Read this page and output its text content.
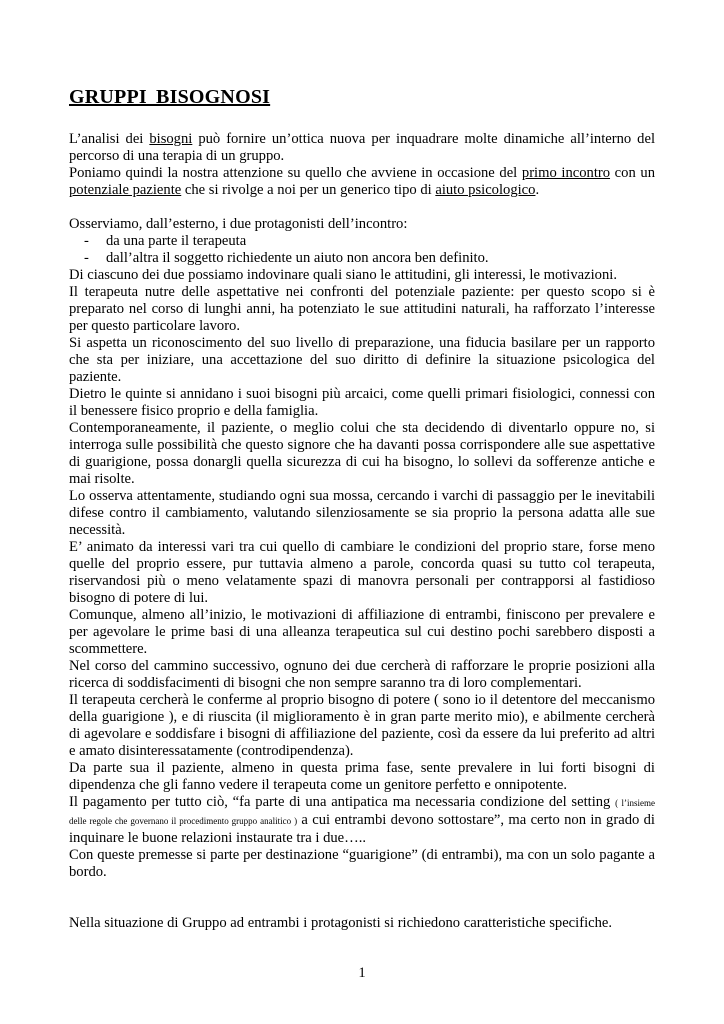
GRUPPI BISOGNOSI

L’analisi dei bisogni può fornire un’ottica nuova per inquadrare molte dinamiche all’interno del percorso di una terapia di un gruppo.

Poniamo quindi la nostra attenzione su quello che avviene in occasione del primo incontro con un potenziale paziente che si rivolge a noi per un generico tipo di aiuto psicologico.

Osserviamo, dall’esterno, i due protagonisti dell’incontro:

-	da una parte il terapeuta
-	dall’altra il soggetto richiedente un aiuto non ancora ben definito.

Di ciascuno dei due possiamo indovinare quali siano le attitudini, gli interessi, le motivazioni.

Il terapeuta nutre delle aspettative nei confronti del potenziale paziente: per questo scopo si è preparato nel corso di lunghi anni, ha potenziato le sue attitudini naturali, ha rafforzato l’interesse per questo particolare lavoro.

Si aspetta un riconoscimento del suo livello di preparazione, una fiducia basilare per un rapporto che sta per iniziare, una accettazione del suo diritto di definire la situazione psicologica del paziente.

Dietro le quinte si annidano i suoi bisogni più arcaici, come quelli primari fisiologici, connessi con il benessere fisico proprio e della famiglia.

Contemporaneamente, il paziente, o meglio colui che sta decidendo di diventarlo oppure no, si interroga sulle possibilità che questo signore che ha davanti possa corrispondere alle sue aspettative di guarigione, possa donargli quella sicurezza di cui ha bisogno, lo sollevi da sofferenze antiche e mai risolte.

Lo osserva attentamente, studiando ogni sua mossa, cercando i varchi di passaggio per le inevitabili difese contro il cambiamento, valutando silenziosamente se sia proprio la persona adatta alle sue necessità.

E’ animato da interessi vari tra cui quello di cambiare le condizioni del proprio stare, forse meno quelle del proprio essere, pur tuttavia almeno a parole, concorda quasi su tutto col terapeuta, riservandosi più o meno velatamente spazi di manovra personali per contrapporsi al fastidioso bisogno di potere di lui.

Comunque, almeno all’inizio, le motivazioni di affiliazione di entrambi, finiscono per prevalere e per agevolare le prime basi di una alleanza terapeutica sul cui destino pochi sarebbero disposti a scommettere.

Nel corso del cammino successivo, ognuno dei due cercherà di rafforzare le proprie posizioni alla ricerca di soddisfacimenti di bisogni che non sempre saranno tra di loro complementari.

Il terapeuta cercherà le conferme al proprio bisogno di potere ( sono io il detentore del meccanismo della guarigione ), e di riuscita (il miglioramento è in gran parte merito mio), e abilmente cercherà di agevolare e soddisfare i bisogni di affiliazione del paziente, così da essere da lui preferito ad altri e amato disinteressatamente (controdipendenza).

Da parte sua il paziente, almeno in questa prima fase, sente prevalere in lui forti bisogni di dipendenza che gli fanno vedere il terapeuta come un genitore perfetto e onnipotente.

Il pagamento per tutto ciò, “fa parte di una antipatica ma necessaria condizione del setting ( l’insieme delle regole che governano il procedimento gruppo analitico ) a cui entrambi devono sottostare”, ma certo non in grado di inquinare le buone relazioni instaurate tra i due…..

Con queste premesse si parte per destinazione “guarigione” (di entrambi), ma con un solo pagante a bordo.

Nella situazione di Gruppo ad entrambi i protagonisti si richiedono caratteristiche specifiche.

1
